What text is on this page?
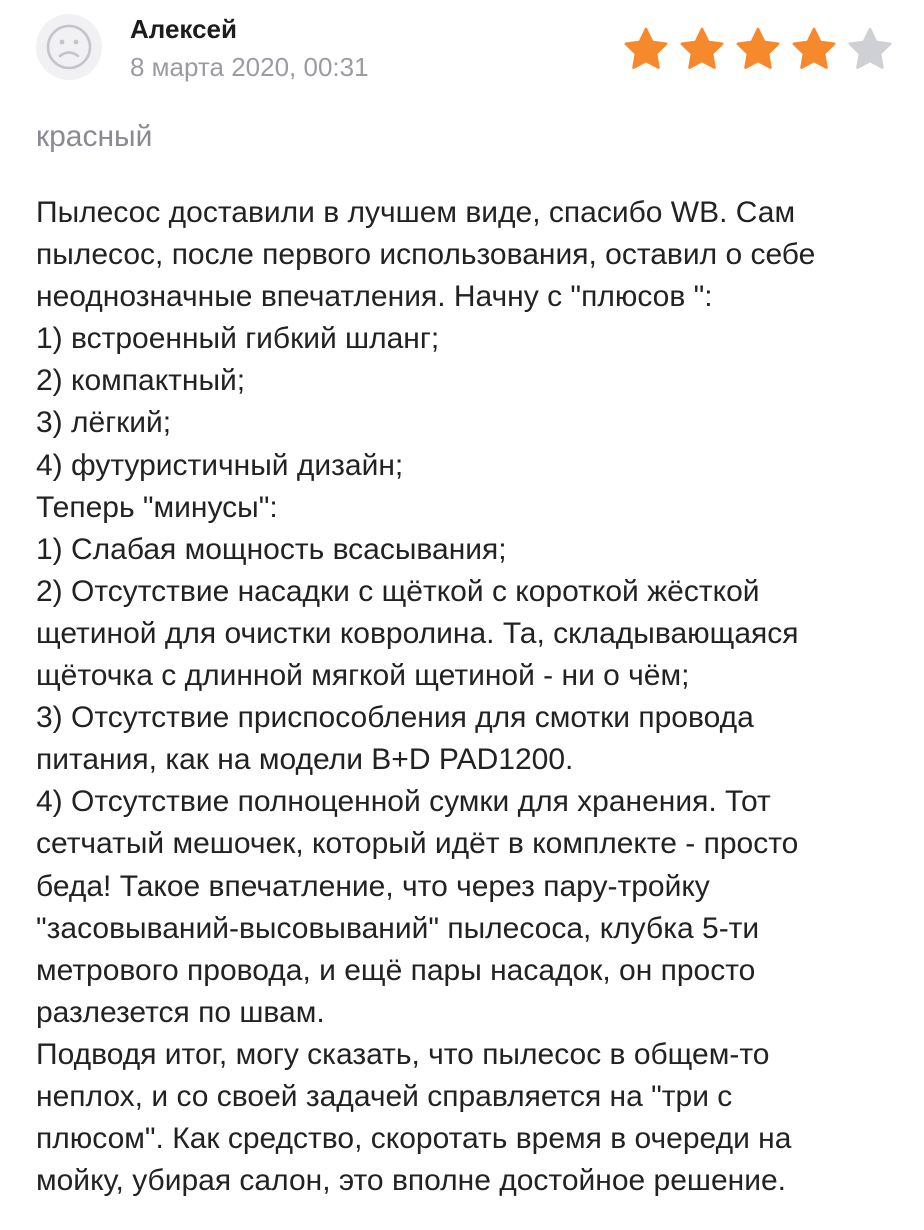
Алексей
8 марта 2020, 00:31
красный
Пылесос доставили в лучшем виде, спасибо WB. Сам
пылесос, после первого использования, оставил о себе
неоднозначные впечатления. Начну с "плюсов ":
1) встроенный гибкий шланг;
2) компактный;
3) лёгкий;
4) футуристичный дизайн;
Теперь "минусы":
1) Слабая мощность всасывания;
2) Отсутствие насадки с щёткой с короткой жёсткой
щетиной для очистки ковролина. Та, складывающаяся
щёточка с длинной мягкой щетиной - ни о чём;
3) Отсутствие приспособления для смотки провода
питания, как на модели B+D PAD1200.
4) Отсутствие полноценной сумки для хранения. Тот
сетчатый мешочек, который идёт в комплекте - просто
беда! Такое впечатление, что через пару-тройку
"засовываний-высовываний" пылесоса, клубка 5-ти
метрового провода, и ещё пары насадок, он просто
разлезется по швам.
Подводя итог, могу сказать, что пылесос в общем-то
неплох, и со своей задачей справляется на "три с
плюсом". Как средство, скоротать время в очереди на
мойку, убирая салон, это вполне достойное решение.
